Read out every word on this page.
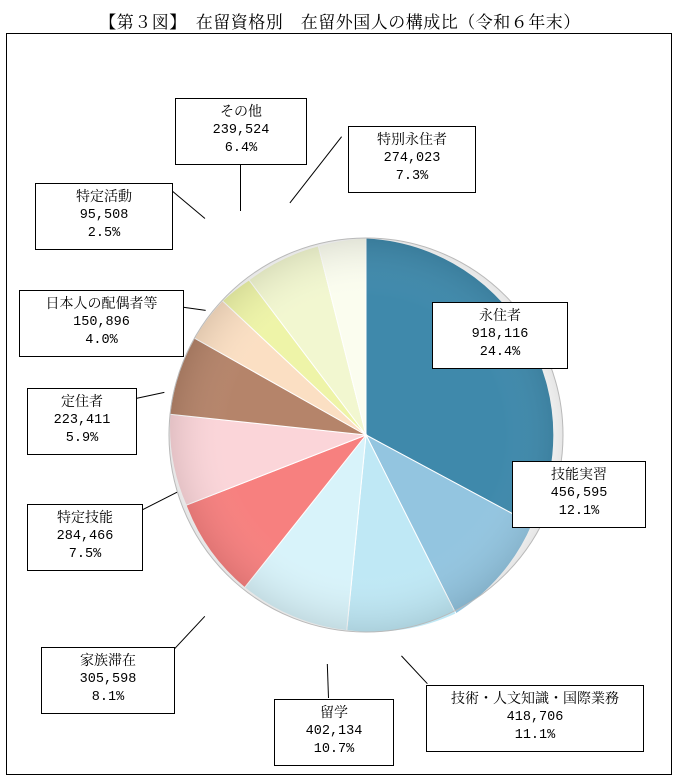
【第３図】　在留資格別　在留外国人の構成比（令和６年末）
その他
239,524
6.4%
特別永住者
274,023
7.3%
特定活動
95,508
2.5%
日本人の配偶者等
150,896
4.0%
定住者
223,411
5.9%
特定技能
284,466
7.5%
家族滞在
305,598
8.1%
留学
402,134
10.7%
技術・人文知識・国際業務
418,706
11.1%
技能実習
456,595
12.1%
永住者
918,116
24.4%
